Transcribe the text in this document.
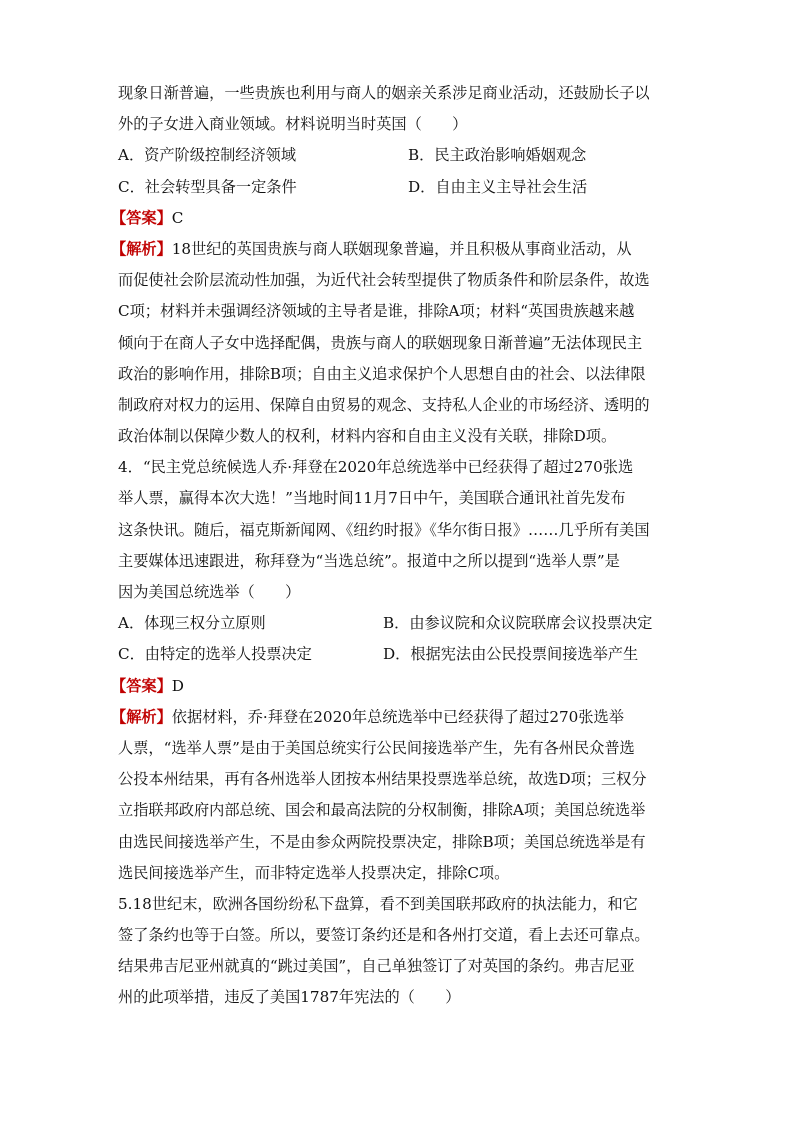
现象日渐普遍，一些贵族也利用与商人的姻亲关系涉足商业活动，还鼓励长子以
外的子女进入商业领域。材料说明当时英国（　　）
A．资产阶级控制经济领域	B．民主政治影响婚姻观念
C．社会转型具备一定条件	D．自由主义主导社会生活
【答案】C
【解析】18世纪的英国贵族与商人联姻现象普遍，并且积极从事商业活动，从
而促使社会阶层流动性加强，为近代社会转型提供了物质条件和阶层条件，故选
C项；材料并未强调经济领域的主导者是谁，排除A项；材料“英国贵族越来越
倾向于在商人子女中选择配偶，贵族与商人的联姻现象日渐普遍”无法体现民主
政治的影响作用，排除B项；自由主义追求保护个人思想自由的社会、以法律限
制政府对权力的运用、保障自由贸易的观念、支持私人企业的市场经济、透明的
政治体制以保障少数人的权利，材料内容和自由主义没有关联，排除D项。
4．“民主党总统候选人乔·拜登在2020年总统选举中已经获得了超过270张选
举人票，赢得本次大选！”当地时间11月7日中午，美国联合通讯社首先发布
这条快讯。随后，福克斯新闻网、《纽约时报》《华尔街日报》……几乎所有美国
主要媒体迅速跟进，称拜登为“当选总统”。报道中之所以提到“选举人票”是
因为美国总统选举（　　）
A．体现三权分立原则	B．由参议院和众议院联席会议投票决定
C．由特定的选举人投票决定	D．根据宪法由公民投票间接选举产生
【答案】D
【解析】依据材料，乔·拜登在2020年总统选举中已经获得了超过270张选举
人票，“选举人票”是由于美国总统实行公民间接选举产生，先有各州民众普选
公投本州结果，再有各州选举人团按本州结果投票选举总统，故选D项；三权分
立指联邦政府内部总统、国会和最高法院的分权制衡，排除A项；美国总统选举
由选民间接选举产生，不是由参众两院投票决定，排除B项；美国总统选举是有
选民间接选举产生，而非特定选举人投票决定，排除C项。
5.18世纪末，欧洲各国纷纷私下盘算，看不到美国联邦政府的执法能力，和它
签了条约也等于白签。所以，要签订条约还是和各州打交道，看上去还可靠点。
结果弗吉尼亚州就真的“跳过美国”，自己单独签订了对英国的条约。弗吉尼亚
州的此项举措，违反了美国1787年宪法的（　　）
